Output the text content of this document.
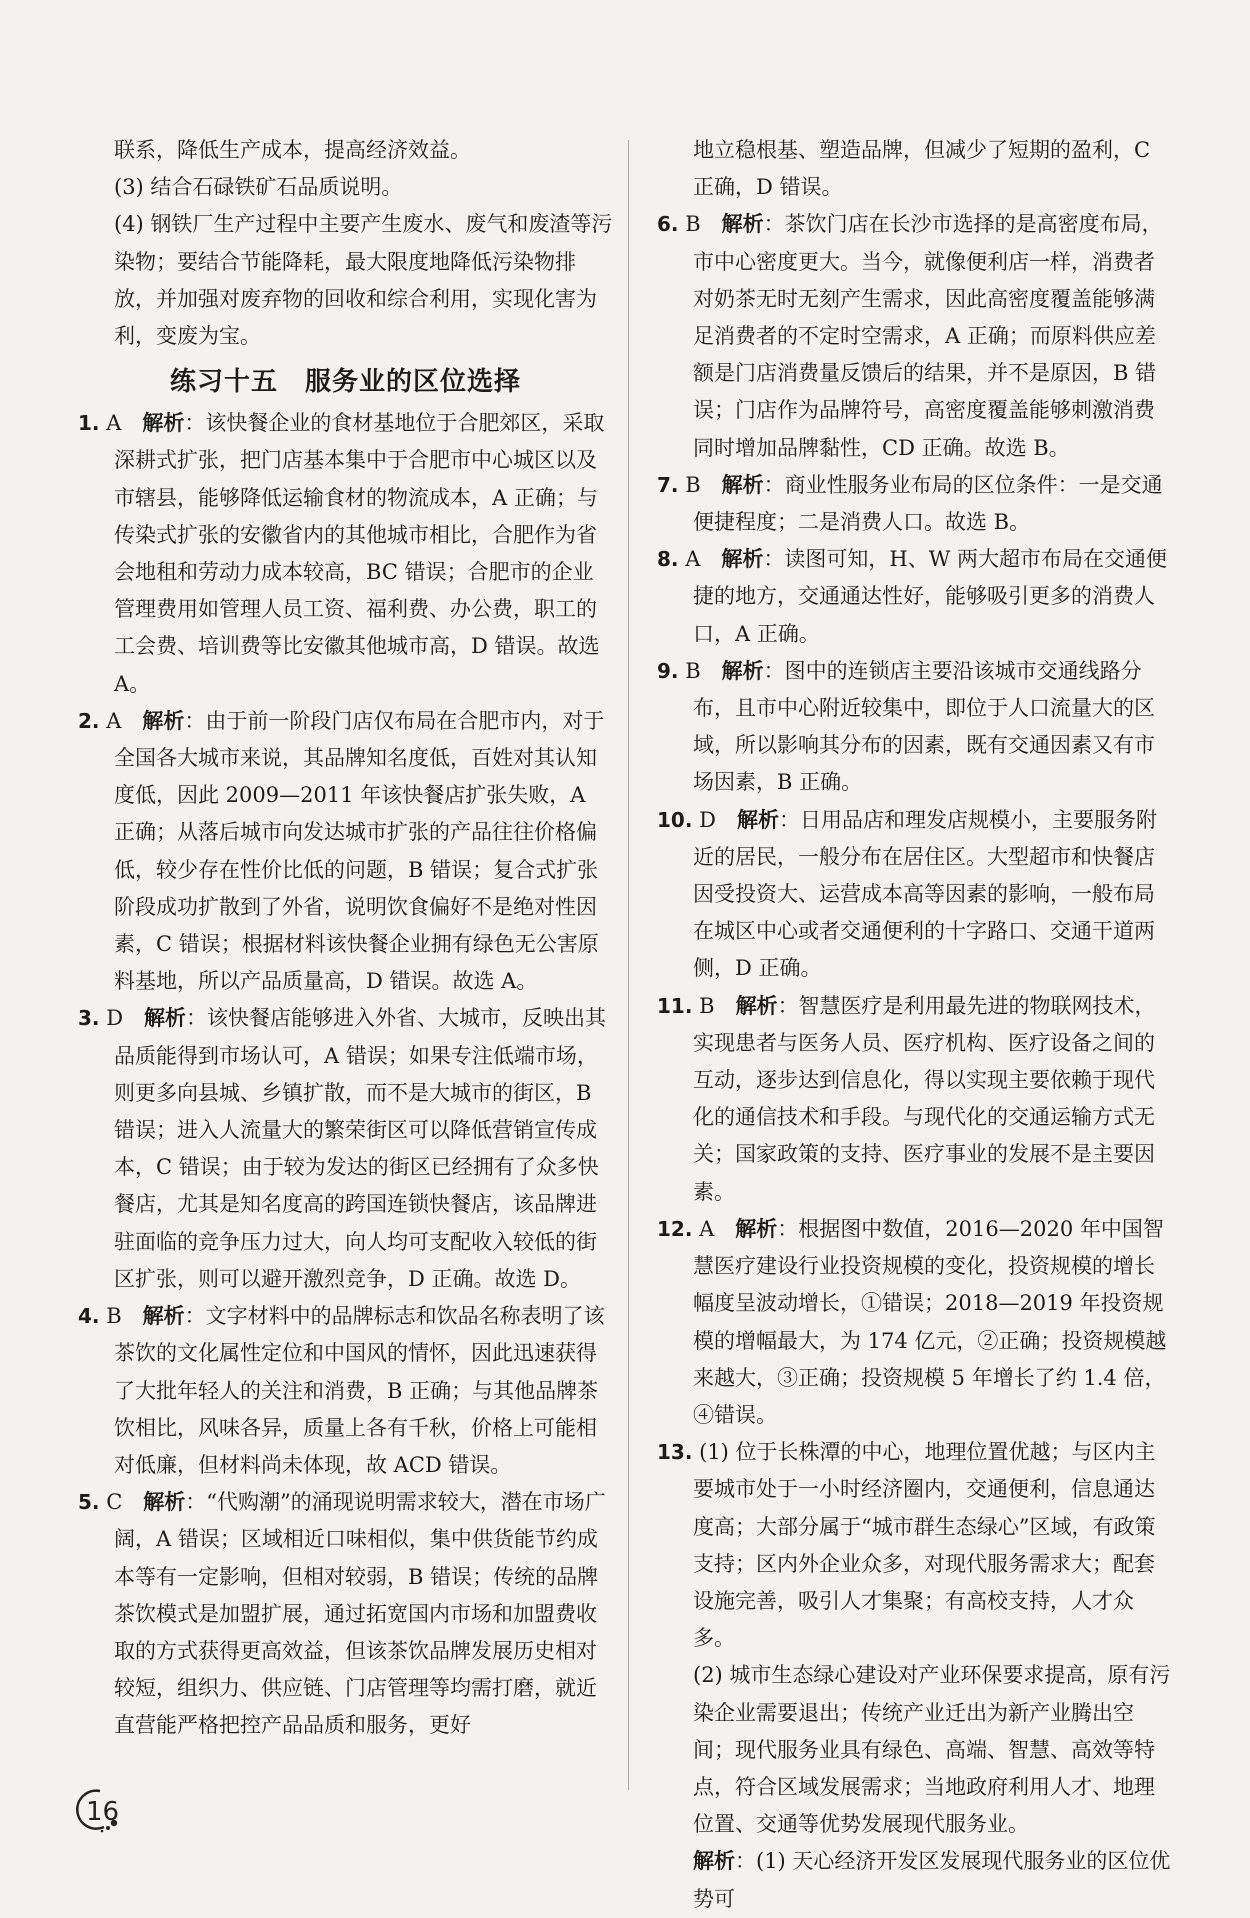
联系，降低生产成本，提高经济效益。

(3) 结合石碌铁矿石品质说明。

(4) 钢铁厂生产过程中主要产生废水、废气和废渣等污染物；要结合节能降耗，最大限度地降低污染物排放，并加强对废弃物的回收和综合利用，实现化害为利，变废为宝。

练习十五　服务业的区位选择

1. A　 解析：该快餐企业的食材基地位于合肥郊区，采取深耕式扩张，把门店基本集中于合肥市中心城区以及市辖县，能够降低运输食材的物流成本，A 正确；与传染式扩张的安徽省内的其他城市相比，合肥作为省会地租和劳动力成本较高，BC 错误；合肥市的企业管理费用如管理人员工资、福利费、办公费，职工的工会费、培训费等比安徽其他城市高，D 错误。故选 A。

2. A　 解析：由于前一阶段门店仅布局在合肥市内，对于全国各大城市来说，其品牌知名度低，百姓对其认知度低，因此 2009—2011 年该快餐店扩张失败，A 正确；从落后城市向发达城市扩张的产品往往价格偏低，较少存在性价比低的问题，B 错误；复合式扩张阶段成功扩散到了外省，说明饮食偏好不是绝对性因素，C 错误；根据材料该快餐企业拥有绿色无公害原料基地，所以产品质量高，D 错误。故选 A。

3. D　 解析：该快餐店能够进入外省、大城市，反映出其品质能得到市场认可，A 错误；如果专注低端市场，则更多向县城、乡镇扩散，而不是大城市的街区，B 错误；进入人流量大的繁荣街区可以降低营销宣传成本，C 错误；由于较为发达的街区已经拥有了众多快餐店，尤其是知名度高的跨国连锁快餐店，该品牌进驻面临的竞争压力过大，向人均可支配收入较低的街区扩张，则可以避开激烈竞争，D 正确。故选 D。

4. B　 解析：文字材料中的品牌标志和饮品名称表明了该茶饮的文化属性定位和中国风的情怀，因此迅速获得了大批年轻人的关注和消费，B 正确；与其他品牌茶饮相比，风味各异，质量上各有千秋，价格上可能相对低廉，但材料尚未体现，故 ACD 错误。

5. C　 解析：“代购潮”的涌现说明需求较大，潜在市场广阔，A 错误；区域相近口味相似，集中供货能节约成本等有一定影响，但相对较弱，B 错误；传统的品牌茶饮模式是加盟扩展，通过拓宽国内市场和加盟费收取的方式获得更高效益，但该茶饮品牌发展历史相对较短，组织力、供应链、门店管理等均需打磨，就近直营能严格把控产品品质和服务，更好

地立稳根基、塑造品牌，但减少了短期的盈利，C 正确，D 错误。

6. B　 解析：茶饮门店在长沙市选择的是高密度布局，市中心密度更大。当今，就像便利店一样，消费者对奶茶无时无刻产生需求，因此高密度覆盖能够满足消费者的不定时空需求，A 正确；而原料供应差额是门店消费量反馈后的结果，并不是原因，B 错误；门店作为品牌符号，高密度覆盖能够刺激消费同时增加品牌黏性，CD 正确。故选 B。

7. B　 解析：商业性服务业布局的区位条件：一是交通便捷程度；二是消费人口。故选 B。

8. A　 解析：读图可知，H、W 两大超市布局在交通便捷的地方，交通通达性好，能够吸引更多的消费人口，A 正确。

9. B　 解析：图中的连锁店主要沿该城市交通线路分布，且市中心附近较集中，即位于人口流量大的区域，所以影响其分布的因素，既有交通因素又有市场因素，B 正确。

10. D　 解析：日用品店和理发店规模小，主要服务附近的居民，一般分布在居住区。大型超市和快餐店因受投资大、运营成本高等因素的影响，一般布局在城区中心或者交通便利的十字路口、交通干道两侧，D 正确。

11. B　 解析：智慧医疗是利用最先进的物联网技术，实现患者与医务人员、医疗机构、医疗设备之间的互动，逐步达到信息化，得以实现主要依赖于现代化的通信技术和手段。与现代化的交通运输方式无关；国家政策的支持、医疗事业的发展不是主要因素。

12. A　 解析：根据图中数值，2016—2020 年中国智慧医疗建设行业投资规模的变化，投资规模的增长幅度呈波动增长，①错误；2018—2019 年投资规模的增幅最大，为 174 亿元，②正确；投资规模越来越大，③正确；投资规模 5 年增长了约 1.4 倍，④错误。

13. (1) 位于长株潭的中心，地理位置优越；与区内主要城市处于一小时经济圈内，交通便利，信息通达度高；大部分属于“城市群生态绿心”区域，有政策支持；区内外企业众多，对现代服务需求大；配套设施完善，吸引人才集聚；有高校支持，人才众多。

(2) 城市生态绿心建设对产业环保要求提高，原有污染企业需要退出；传统产业迁出为新产业腾出空间；现代服务业具有绿色、高端、智慧、高效等特点，符合区域发展需求；当地政府利用人才、地理位置、交通等优势发展现代服务业。

解析：(1) 天心经济开发区发展现代服务业的区位优势可

16
